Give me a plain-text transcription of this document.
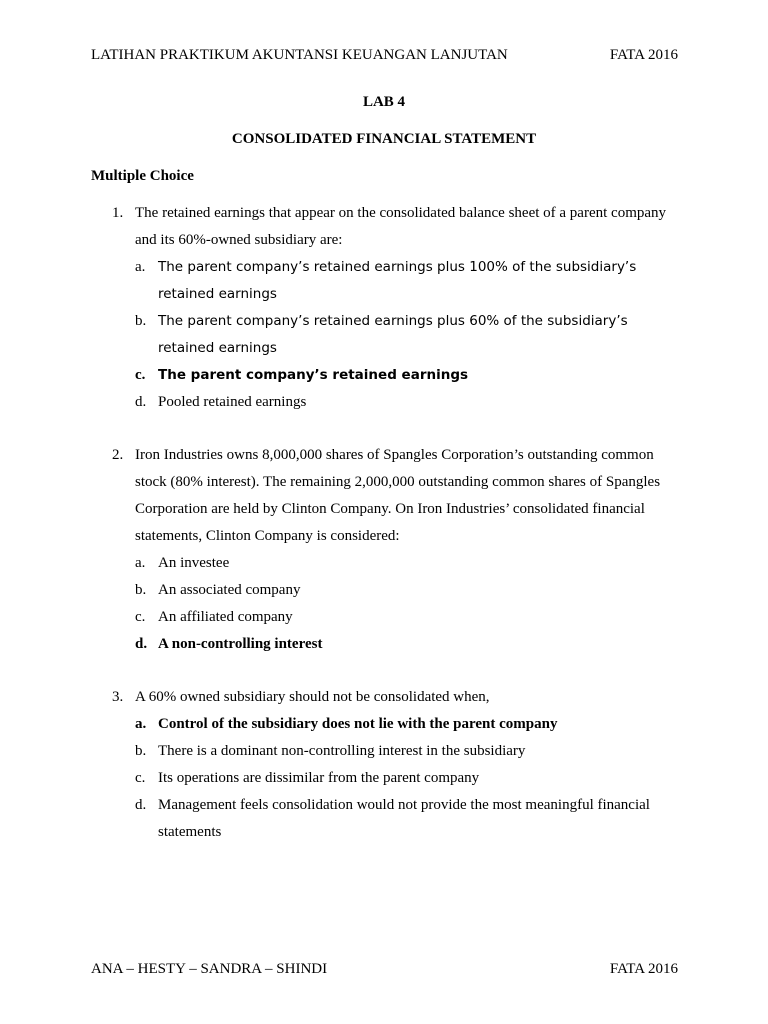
LATIHAN PRAKTIKUM AKUNTANSI KEUANGAN LANJUTAN	FATA 2016
LAB 4
CONSOLIDATED FINANCIAL STATEMENT
Multiple Choice
1. The retained earnings that appear on the consolidated balance sheet of a parent company and its 60%-owned subsidiary are:
a. The parent company’s retained earnings plus 100% of the subsidiary’s retained earnings
b. The parent company’s retained earnings plus 60% of the subsidiary’s retained earnings
c. The parent company’s retained earnings
d. Pooled retained earnings
2. Iron Industries owns 8,000,000 shares of Spangles Corporation’s outstanding common stock (80% interest). The remaining 2,000,000 outstanding common shares of Spangles Corporation are held by Clinton Company. On Iron Industries’ consolidated financial statements, Clinton Company is considered:
a. An investee
b. An associated company
c. An affiliated company
d. A non-controlling interest
3. A 60% owned subsidiary should not be consolidated when,
a. Control of the subsidiary does not lie with the parent company
b. There is a dominant non-controlling interest in the subsidiary
c. Its operations are dissimilar from the parent company
d. Management feels consolidation would not provide the most meaningful financial statements
ANA – HESTY – SANDRA – SHINDI	FATA 2016
